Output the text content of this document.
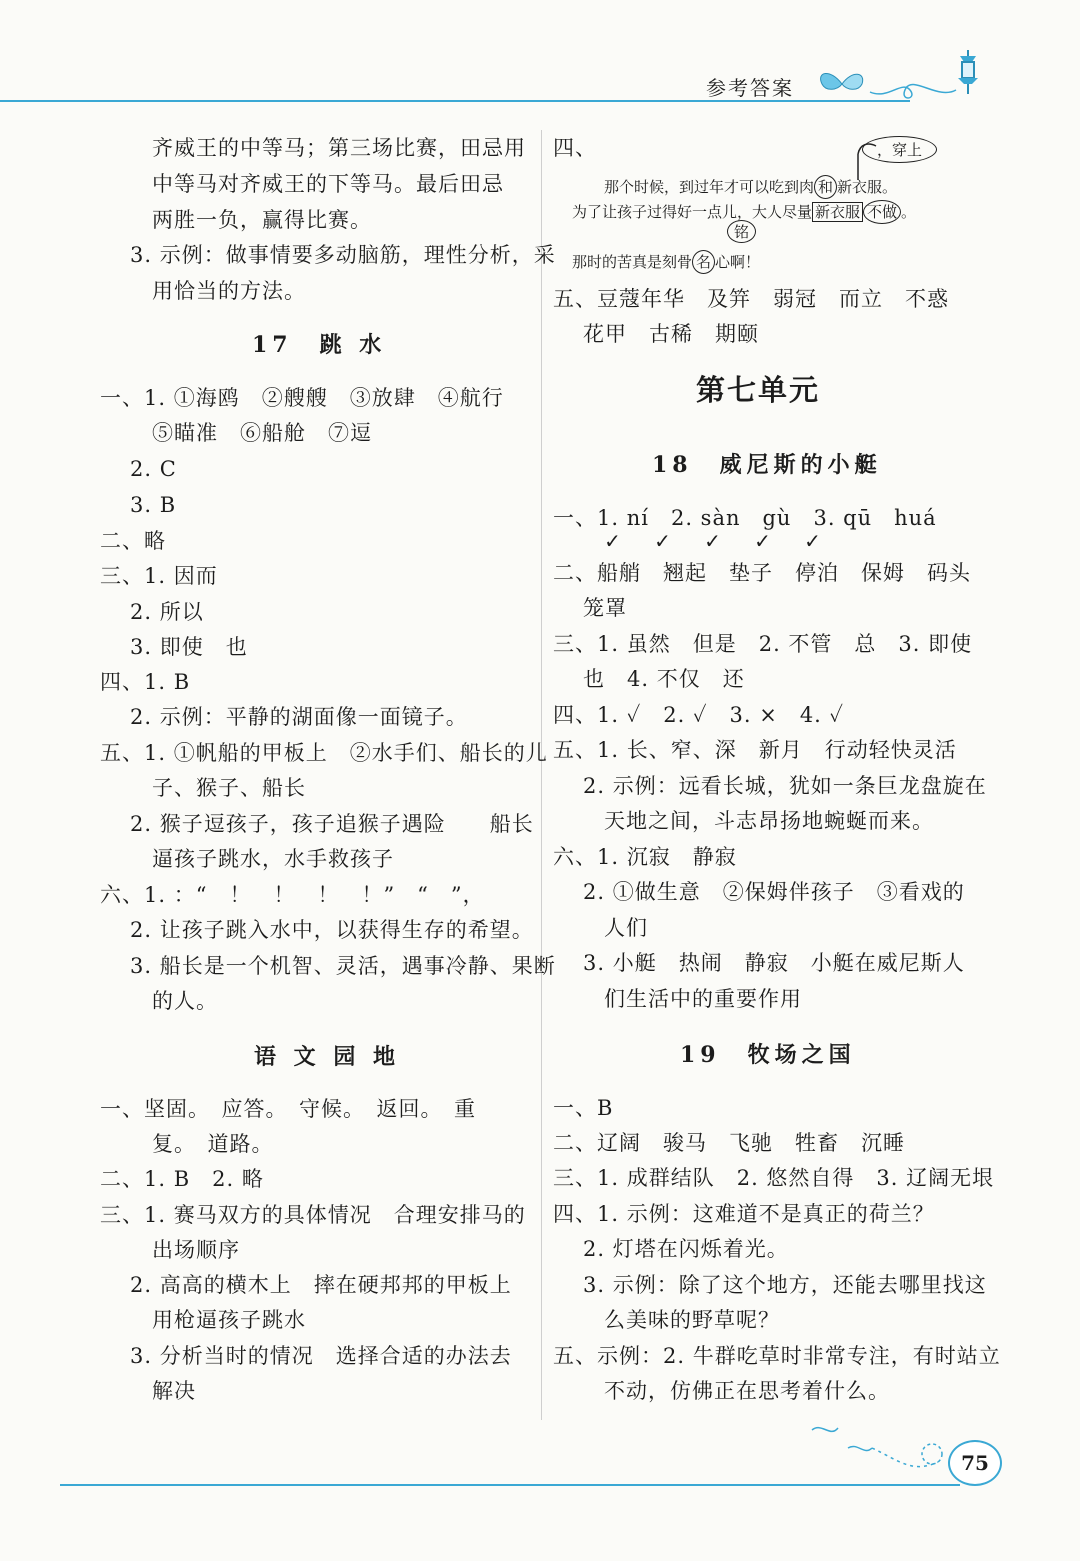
参考答案
齐威王的中等马；第三场比赛，田忌用
中等马对齐威王的下等马。最后田忌
两胜一负，赢得比赛。
3. 示例：做事情要多动脑筋，理性分析，采
用恰当的方法。
17　跳 水
一、1. ①海鸥　②艘艘　③放肆　④航行
⑤瞄准　⑥船舱　⑦逗
2. C
3. B
二、略
三、1. 因而
2. 所以
3. 即使　也
四、1. B
2. 示例：平静的湖面像一面镜子。
五、1. ①帆船的甲板上　②水手们、船长的儿
子、猴子、船长
2. 猴子逗孩子，孩子追猴子遇险　　船长
逼孩子跳水，水手救孩子
六、1. ：“　！　！　！　！”　“　”，
2. 让孩子跳入水中，以获得生存的希望。
3. 船长是一个机智、灵活，遇事冷静、果断
的人。
语 文 园 地
一、坚固。　应答。　守候。　返回。　重
复。　道路。
二、1. B　2. 略
三、1. 赛马双方的具体情况　合理安排马的
出场顺序
2. 高高的横木上　摔在硬邦邦的甲板上
用枪逼孩子跳水
3. 分析当时的情况　选择合适的办法去
解决
四、	，穿上
那个时候，到过年才可以吃到肉 和 新衣服。
为了让孩子过得好一点儿，大人尽量 新衣服 不做 。
铭
那时的苦真是刻骨 名 心啊！
五、豆蔻年华　及笄　弱冠　而立　不惑
花甲　古稀　期颐
第七单元
18　威尼斯的小艇
一、1. ní　2. sàn　gù　3. qū　huá
✓ ✓ ✓ ✓ ✓
二、船艄　翘起　垫子　停泊　保姆　码头
笼罩
三、1. 虽然　但是　2. 不管　总　3. 即使
也　4. 不仅　还
四、1. ✓　2. ✓　3. ×　4. ✓
五、1. 长、窄、深　新月　行动轻快灵活
2. 示例：远看长城，犹如一条巨龙盘旋在
天地之间，斗志昂扬地蜿蜒而来。
六、1. 沉寂　静寂
2. ①做生意　②保姆伴孩子　③看戏的
人们
3. 小艇　热闹　静寂　小艇在威尼斯人
们生活中的重要作用
19　牧场之国
一、B
二、辽阔　骏马　飞驰　牲畜　沉睡
三、1. 成群结队　2. 悠然自得　3. 辽阔无垠
四、1. 示例：这难道不是真正的荷兰？
2. 灯塔在闪烁着光。
3. 示例：除了这个地方，还能去哪里找这
么美味的野草呢？
五、示例：2. 牛群吃草时非常专注，有时站立
不动，仿佛正在思考着什么。
75
